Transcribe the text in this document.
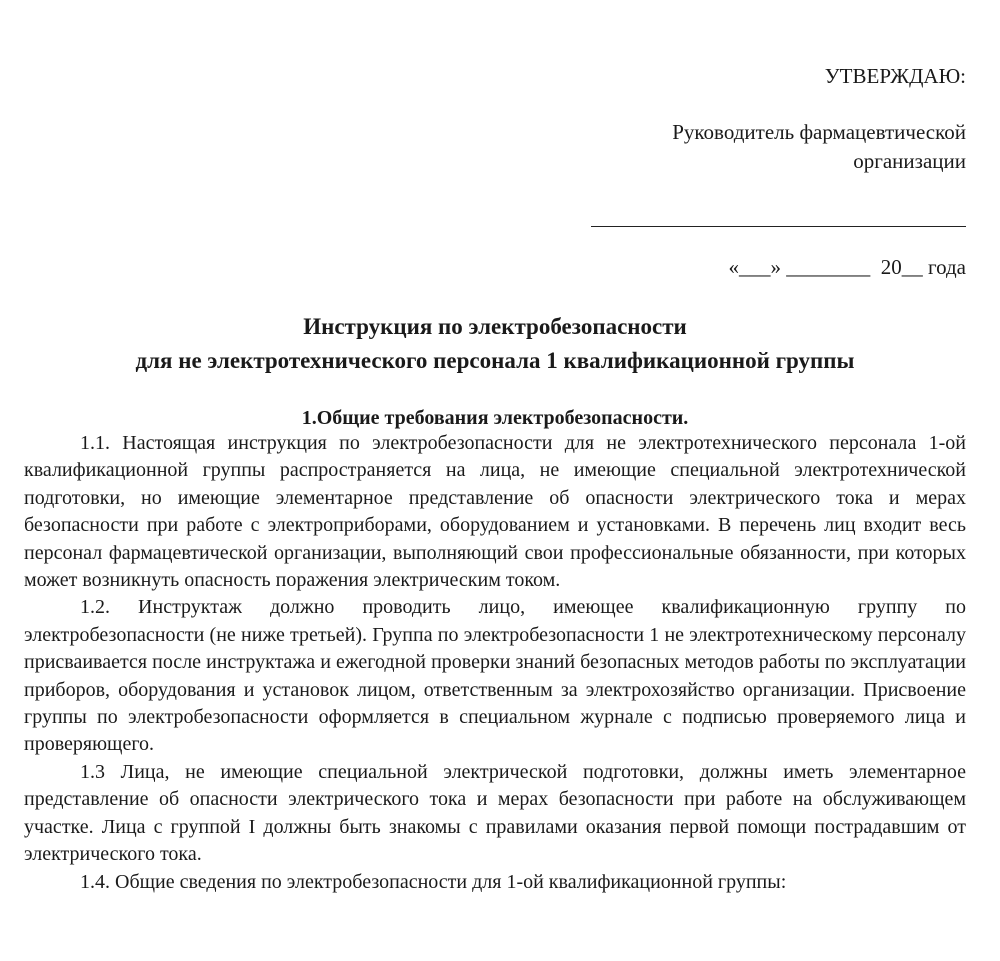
УТВЕРЖДАЮ:
Руководитель фармацевтической
организации
«___» ________  20__ года
Инструкция по электробезопасности
для не электротехнического персонала 1 квалификационной группы
1.Общие требования электробезопасности.

1.1. Настоящая инструкция по электробезопасности для не электротехнического персонала 1-ой квалификационной группы распространяется на лица, не имеющие специальной электротехнической подготовки, но имеющие элементарное представление об опасности электрического тока и мерах безопасности при работе с электроприборами, оборудованием и установками. В перечень лиц входит весь персонал фармацевтической организации, выполняющий свои профессиональные обязанности, при которых может возникнуть опасность поражения электрическим током.

1.2. Инструктаж должно проводить лицо, имеющее квалификационную группу по электробезопасности (не ниже третьей). Группа по электробезопасности 1 не электротехническому персоналу присваивается после инструктажа и ежегодной проверки знаний безопасных методов работы по эксплуатации приборов, оборудования и установок лицом, ответственным за электрохозяйство организации. Присвоение группы по электробезопасности оформляется в специальном журнале с подписью проверяемого лица и проверяющего.

1.3 Лица, не имеющие специальной электрической подготовки, должны иметь элементарное представление об опасности электрического тока и мерах безопасности при работе на обслуживающем участке. Лица с группой I должны быть знакомы с правилами оказания первой помощи пострадавшим от электрического тока.

1.4. Общие сведения по электробезопасности для 1-ой квалификационной группы:
